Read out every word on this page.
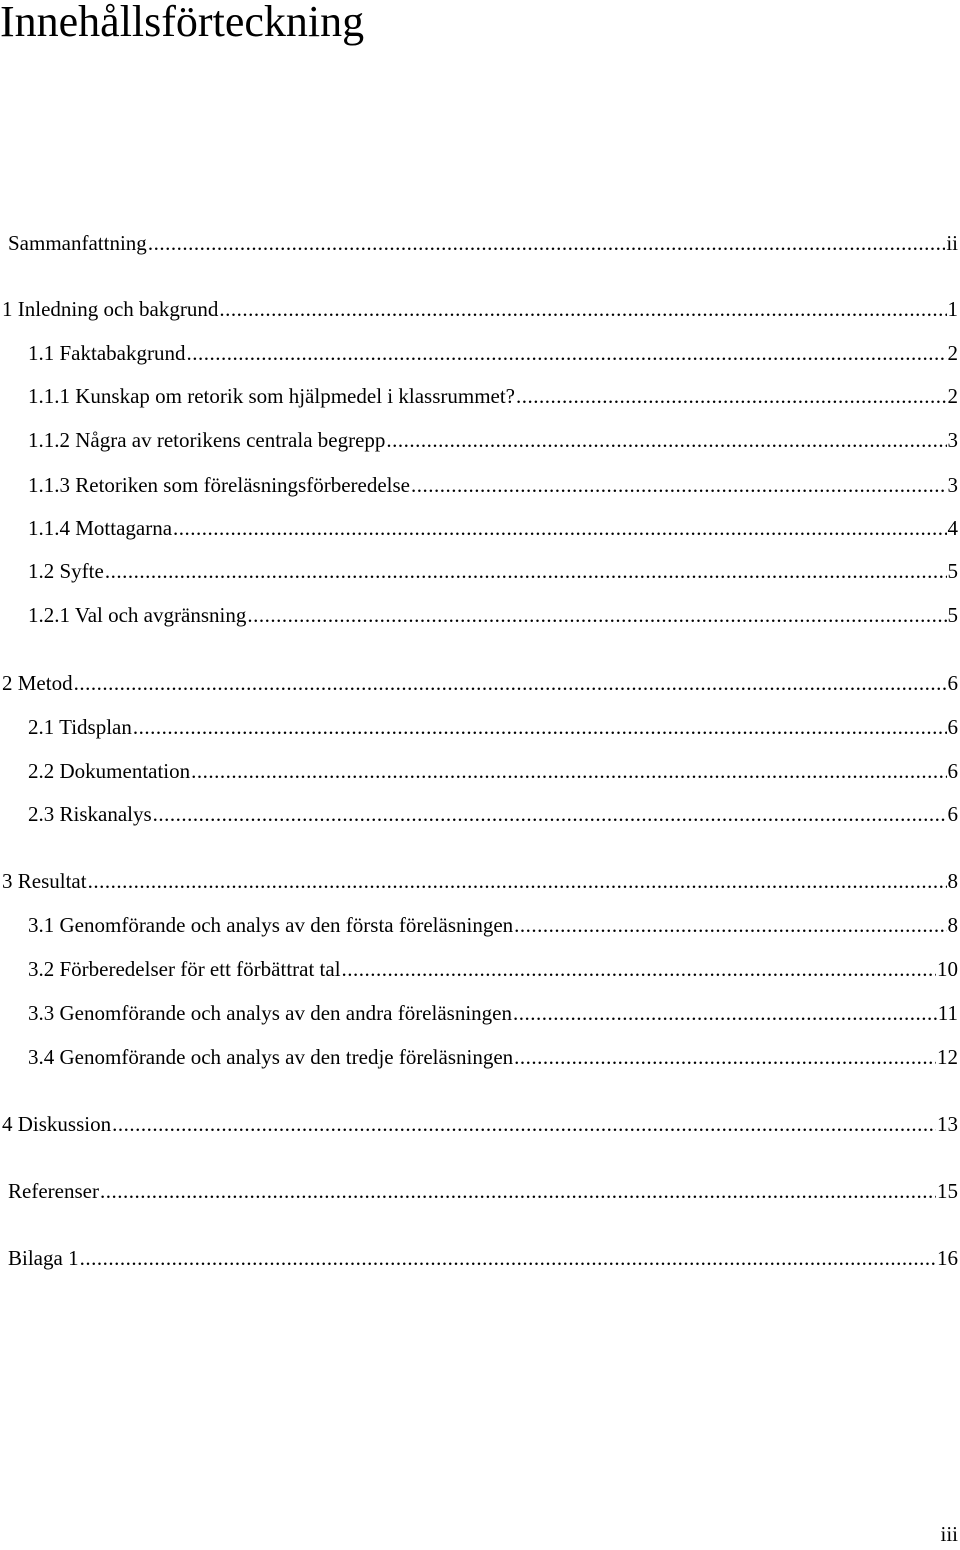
Innehållsförteckning
Sammanfattning .....	ii
1 Inledning och bakgrund .....	1
1.1 Faktabakgrund .....	2
1.1.1 Kunskap om retorik som hjälpmedel i klassrummet? .....	2
1.1.2 Några av retorikens centrala begrepp .....	3
1.1.3 Retoriken som föreläsningsförberedelse .....	3
1.1.4 Mottagarna .....	4
1.2 Syfte .....	5
1.2.1 Val och avgränsning .....	5
2 Metod .....	6
2.1 Tidsplan .....	6
2.2 Dokumentation .....	6
2.3 Riskanalys .....	6
3 Resultat .....	8
3.1 Genomförande och analys av den första föreläsningen .....	8
3.2 Förberedelser för ett förbättrat tal .....	10
3.3 Genomförande och analys av den andra föreläsningen .....	11
3.4 Genomförande och analys av den tredje föreläsningen .....	12
4 Diskussion .....	13
Referenser .....	15
Bilaga 1 .....	16
iii
